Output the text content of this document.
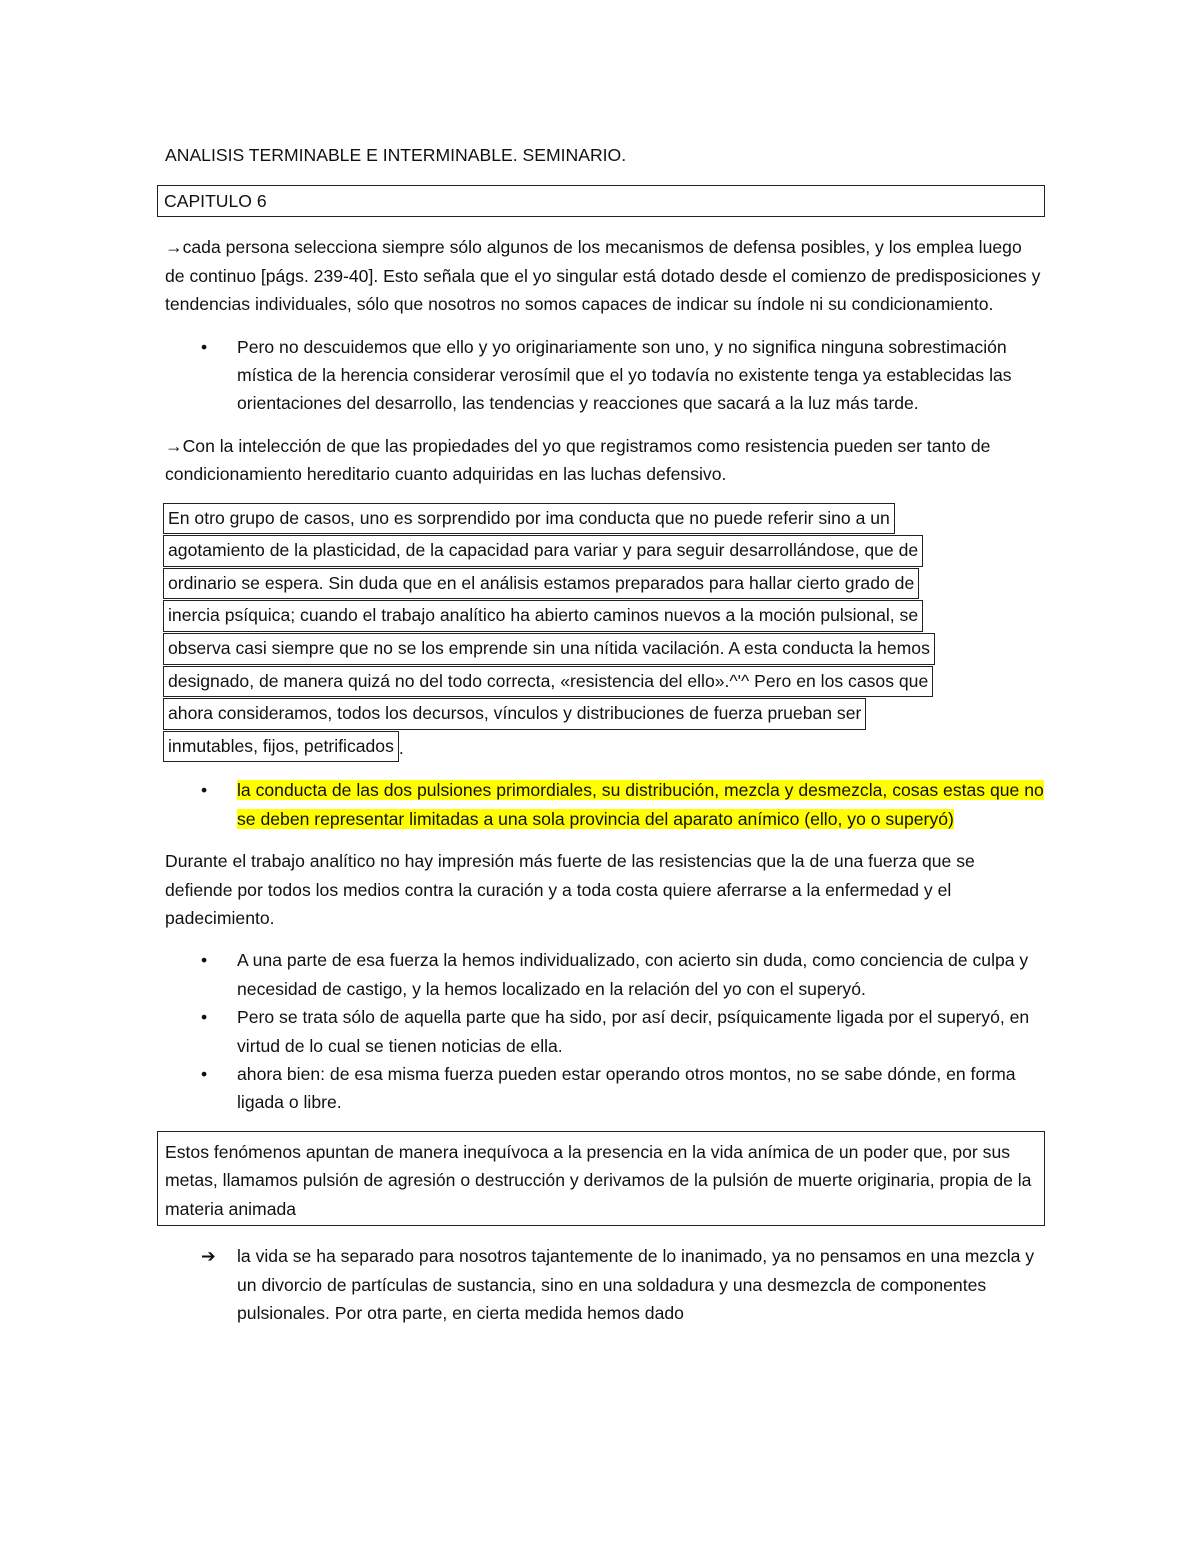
ANALISIS TERMINABLE E INTERMINABLE. SEMINARIO.

CAPITULO 6

→cada persona selecciona siempre sólo algunos de los mecanismos de defensa posibles, y los emplea luego de continuo [págs. 239-40]. Esto señala que el yo singular está dotado desde el comienzo de predisposiciones y tendencias individuales, sólo que nosotros no somos capaces de indicar su índole ni su condicionamiento.

• Pero no descuidemos que ello y yo originariamente son uno, y no significa ninguna sobrestimación mística de la herencia considerar verosímil que el yo todavía no existente tenga ya establecidas las orientaciones del desarrollo, las tendencias y reacciones que sacará a la luz más tarde.

→Con la intelección de que las propiedades del yo que registramos como resistencia pueden ser tanto de condicionamiento hereditario cuanto adquiridas en las luchas defensivo.

En otro grupo de casos, uno es sorprendido por ima conducta que no puede referir sino a un
agotamiento de la plasticidad, de la capacidad para variar y para seguir desarrollándose, que de
ordinario se espera. Sin duda que en el análisis estamos preparados para hallar cierto grado de
inercia psíquica; cuando el trabajo analítico ha abierto caminos nuevos a la moción pulsional, se
observa casi siempre que no se los emprende sin una nítida vacilación. A esta conducta la hemos
designado, de manera quizá no del todo correcta, «resistencia del ello».^'^ Pero en los casos que
ahora consideramos, todos los decursos, vínculos y distribuciones de fuerza prueban ser
inmutables, fijos, petrificados .
• la conducta de las dos pulsiones primordiales, su distribución, mezcla y desmezcla, cosas estas que no se deben representar limitadas a una sola provincia del aparato anímico (ello, yo o superyó)

Durante el trabajo analítico no hay impresión más fuerte de las resistencias que la de una fuerza que se defiende por todos los medios contra la curación y a toda costa quiere aferrarse a la enfermedad y el padecimiento.

• A una parte de esa fuerza la hemos individualizado, con acierto sin duda, como conciencia de culpa y necesidad de castigo, y la hemos localizado en la relación del yo con el superyó.
• Pero se trata sólo de aquella parte que ha sido, por así decir, psíquicamente ligada por el superyó, en virtud de lo cual se tienen noticias de ella.
• ahora bien: de esa misma fuerza pueden estar operando otros montos, no se sabe dónde, en forma ligada o libre.

Estos fenómenos apuntan de manera inequívoca a la presencia en la vida anímica de un poder que, por sus metas, llamamos pulsión de agresión o destrucción y derivamos de la pulsión de muerte originaria, propia de la materia animada

➔ la vida se ha separado para nosotros tajantemente de lo inanimado, ya no pensamos en una mezcla y un divorcio de partículas de sustancia, sino en una soldadura y una desmezcla de componentes pulsionales. Por otra parte, en cierta medida hemos dado
